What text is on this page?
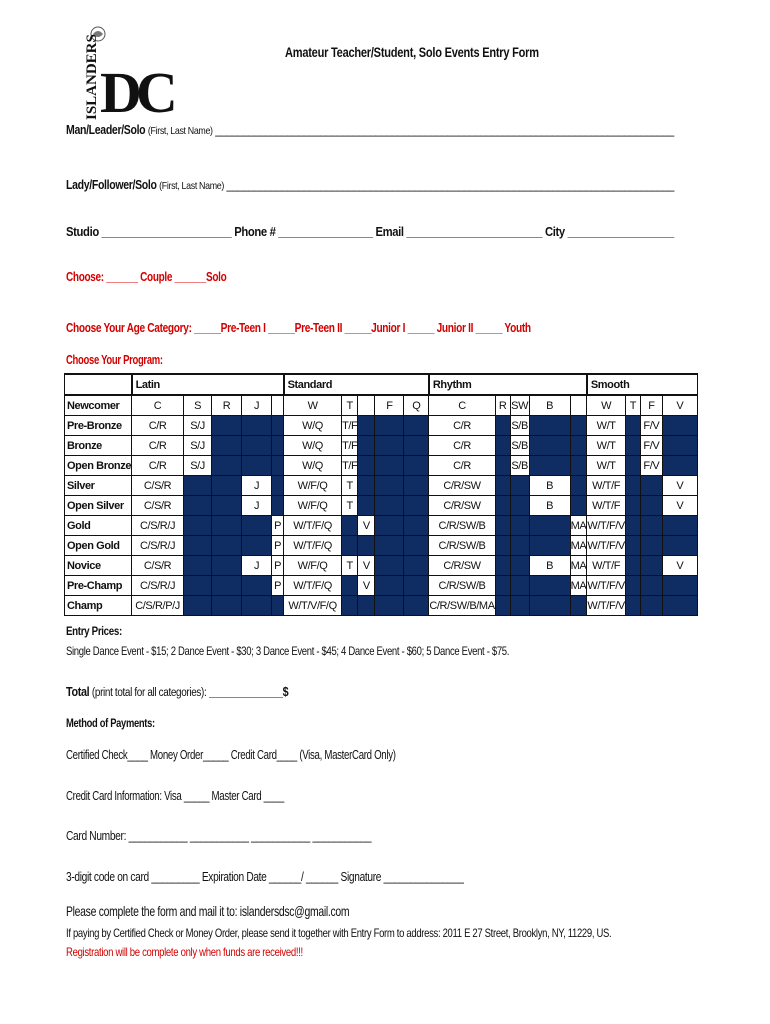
ISLANDERS DC
Amateur Teacher/Student, Solo Events Entry Form
Man/Leader/Solo (First, Last Name) ___________________________________________________________________________________
Lady/Follower/Solo (First, Last Name) _________________________________________________________________________________
Studio ______________________ Phone # ________________ Email _______________________ City __________________
Choose: ______ Couple ______Solo
Choose Your Age Category: _____Pre-Teen I _____Pre-Teen II _____Junior I _____ Junior II _____ Youth
Choose Your Program:
	Latin					Standard					Rhythm					Smooth			
Newcomer	C	S	R	J		W	T		F	Q	C	R	SW	B		W	T	F	V
Pre-Bronze	C/R	S/J				W/Q	T/F				C/R		S/B			W/T		F/V	
Bronze	C/R	S/J				W/Q	T/F				C/R		S/B			W/T		F/V	
Open Bronze	C/R	S/J				W/Q	T/F				C/R		S/B			W/T		F/V	
Silver	C/S/R			J		W/F/Q	T				C/R/SW			B		W/T/F			V
Open Silver	C/S/R			J		W/F/Q	T				C/R/SW			B		W/T/F			V
Gold	C/S/R/J				P	W/T/F/Q		V			C/R/SW/B				MA	W/T/F/V			
Open Gold	C/S/R/J				P	W/T/F/Q					C/R/SW/B				MA	W/T/F/V			
Novice	C/S/R			J	P	W/F/Q	T	V			C/R/SW			B	MA	W/T/F			V
Pre-Champ	C/S/R/J				P	W/T/F/Q		V			C/R/SW/B				MA	W/T/F/V			
Champ	C/S/R/P/J					W/T/V/F/Q					C/R/SW/B/MA					W/T/F/V			
Entry Prices:
Single Dance Event - $15; 2 Dance Event - $30; 3 Dance Event - $45; 4 Dance Event - $60; 5 Dance Event - $75.
Total (print total for all categories): _____________$
Method of Payments:
Certified Check____ Money Order_____ Credit Card____ (Visa, MasterCard Only)
Credit Card Information: Visa _____ Master Card ____
Card Number: ___________ ___________ ___________ ___________
3-digit code on card _________ Expiration Date ______/ ______ Signature _______________
Please complete the form and mail it to: islandersdsc@gmail.com
If paying by Certified Check or Money Order, please send it together with Entry Form to address: 2011 E 27 Street, Brooklyn, NY, 11229, US.
Registration will be complete only when funds are received!!!
